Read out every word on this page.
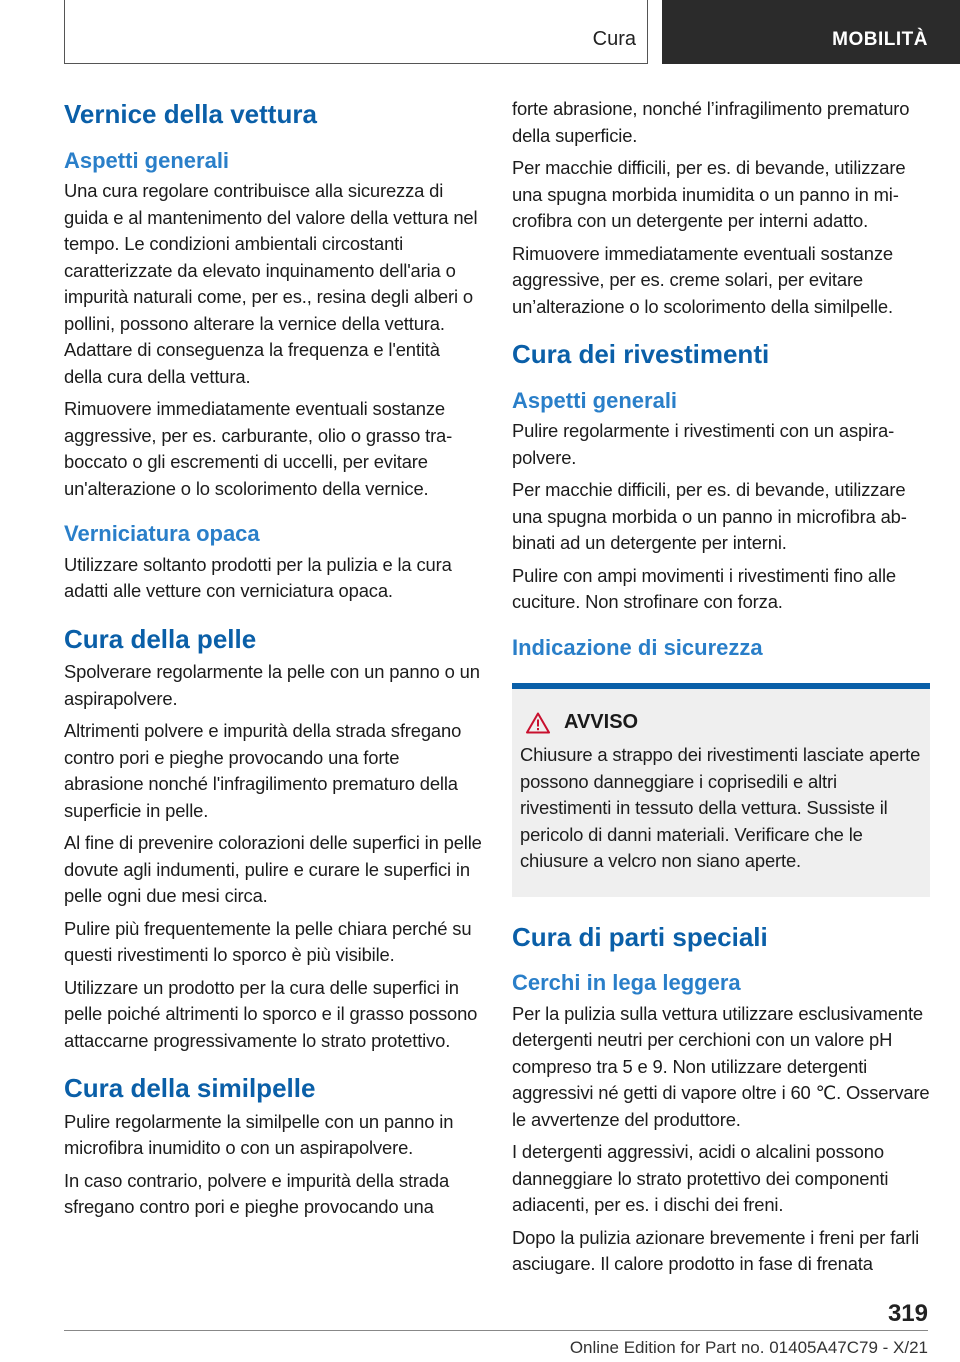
Cura	MOBILITÀ
Vernice della vettura
Aspetti generali

Una cura regolare contribuisce alla sicurezza di guida e al mantenimento del valore della vettura nel tempo. Le condizioni ambientali circostanti caratterizzate da elevato inquinamento dell'aria o impurità naturali come, per es., resina degli alberi o pollini, possono alterare la vernice della vettura. Adattare di conseguenza la frequenza e l'entità della cura della vettura.

Rimuovere immediatamente eventuali sostanze aggressive, per es. carburante, olio o grasso traboccato o gli escrementi di uccelli, per evitare un'alterazione o lo scolorimento della vernice.

Verniciatura opaca

Utilizzare soltanto prodotti per la pulizia e la cura adatti alle vetture con verniciatura opaca.

Cura della pelle

Spolverare regolarmente la pelle con un panno o un aspirapolvere.

Altrimenti polvere e impurità della strada sfregano contro pori e pieghe provocando una forte abrasione nonché l'infragilimento prematuro della superficie in pelle.

Al fine di prevenire colorazioni delle superfici in pelle dovute agli indumenti, pulire e curare le superfici in pelle ogni due mesi circa.

Pulire più frequentemente la pelle chiara perché su questi rivestimenti lo sporco è più visibile.

Utilizzare un prodotto per la cura delle superfici in pelle poiché altrimenti lo sporco e il grasso possono attaccarne progressivamente lo strato protettivo.

Cura della similpelle

Pulire regolarmente la similpelle con un panno in microfibra inumidito o con un aspirapolvere.

In caso contrario, polvere e impurità della strada sfregano contro pori e pieghe provocando una

forte abrasione, nonché l’infragilimento prematuro della superficie.

Per macchie difficili, per es. di bevande, utilizzare una spugna morbida inumidita o un panno in microfibra con un detergente per interni adatto.

Rimuovere immediatamente eventuali sostanze aggressive, per es. creme solari, per evitare un’alterazione o lo scolorimento della similpelle.

Cura dei rivestimenti
Aspetti generali

Pulire regolarmente i rivestimenti con un aspirapolvere.

Per macchie difficili, per es. di bevande, utilizzare una spugna morbida o un panno in microfibra abbinati ad un detergente per interni.

Pulire con ampi movimenti i rivestimenti fino alle cuciture. Non strofinare con forza.

Indicazione di sicurezza
AVVISO

Chiusure a strappo dei rivestimenti lasciate aperte possono danneggiare i coprisedili e altri rivestimenti in tessuto della vettura. Sussiste il pericolo di danni materiali. Verificare che le chiusure a velcro non siano aperte.

Cura di parti speciali
Cerchi in lega leggera

Per la pulizia sulla vettura utilizzare esclusivamente detergenti neutri per cerchioni con un valore pH compreso tra 5 e 9. Non utilizzare detergenti aggressivi né getti di vapore oltre i 60 ℃. Osservare le avvertenze del produttore.

I detergenti aggressivi, acidi o alcalini possono danneggiare lo strato protettivo dei componenti adiacenti, per es. i dischi dei freni.

Dopo la pulizia azionare brevemente i freni per farli asciugare. Il calore prodotto in fase di frenata

319
Online Edition for Part no. 01405A47C79 - X/21
